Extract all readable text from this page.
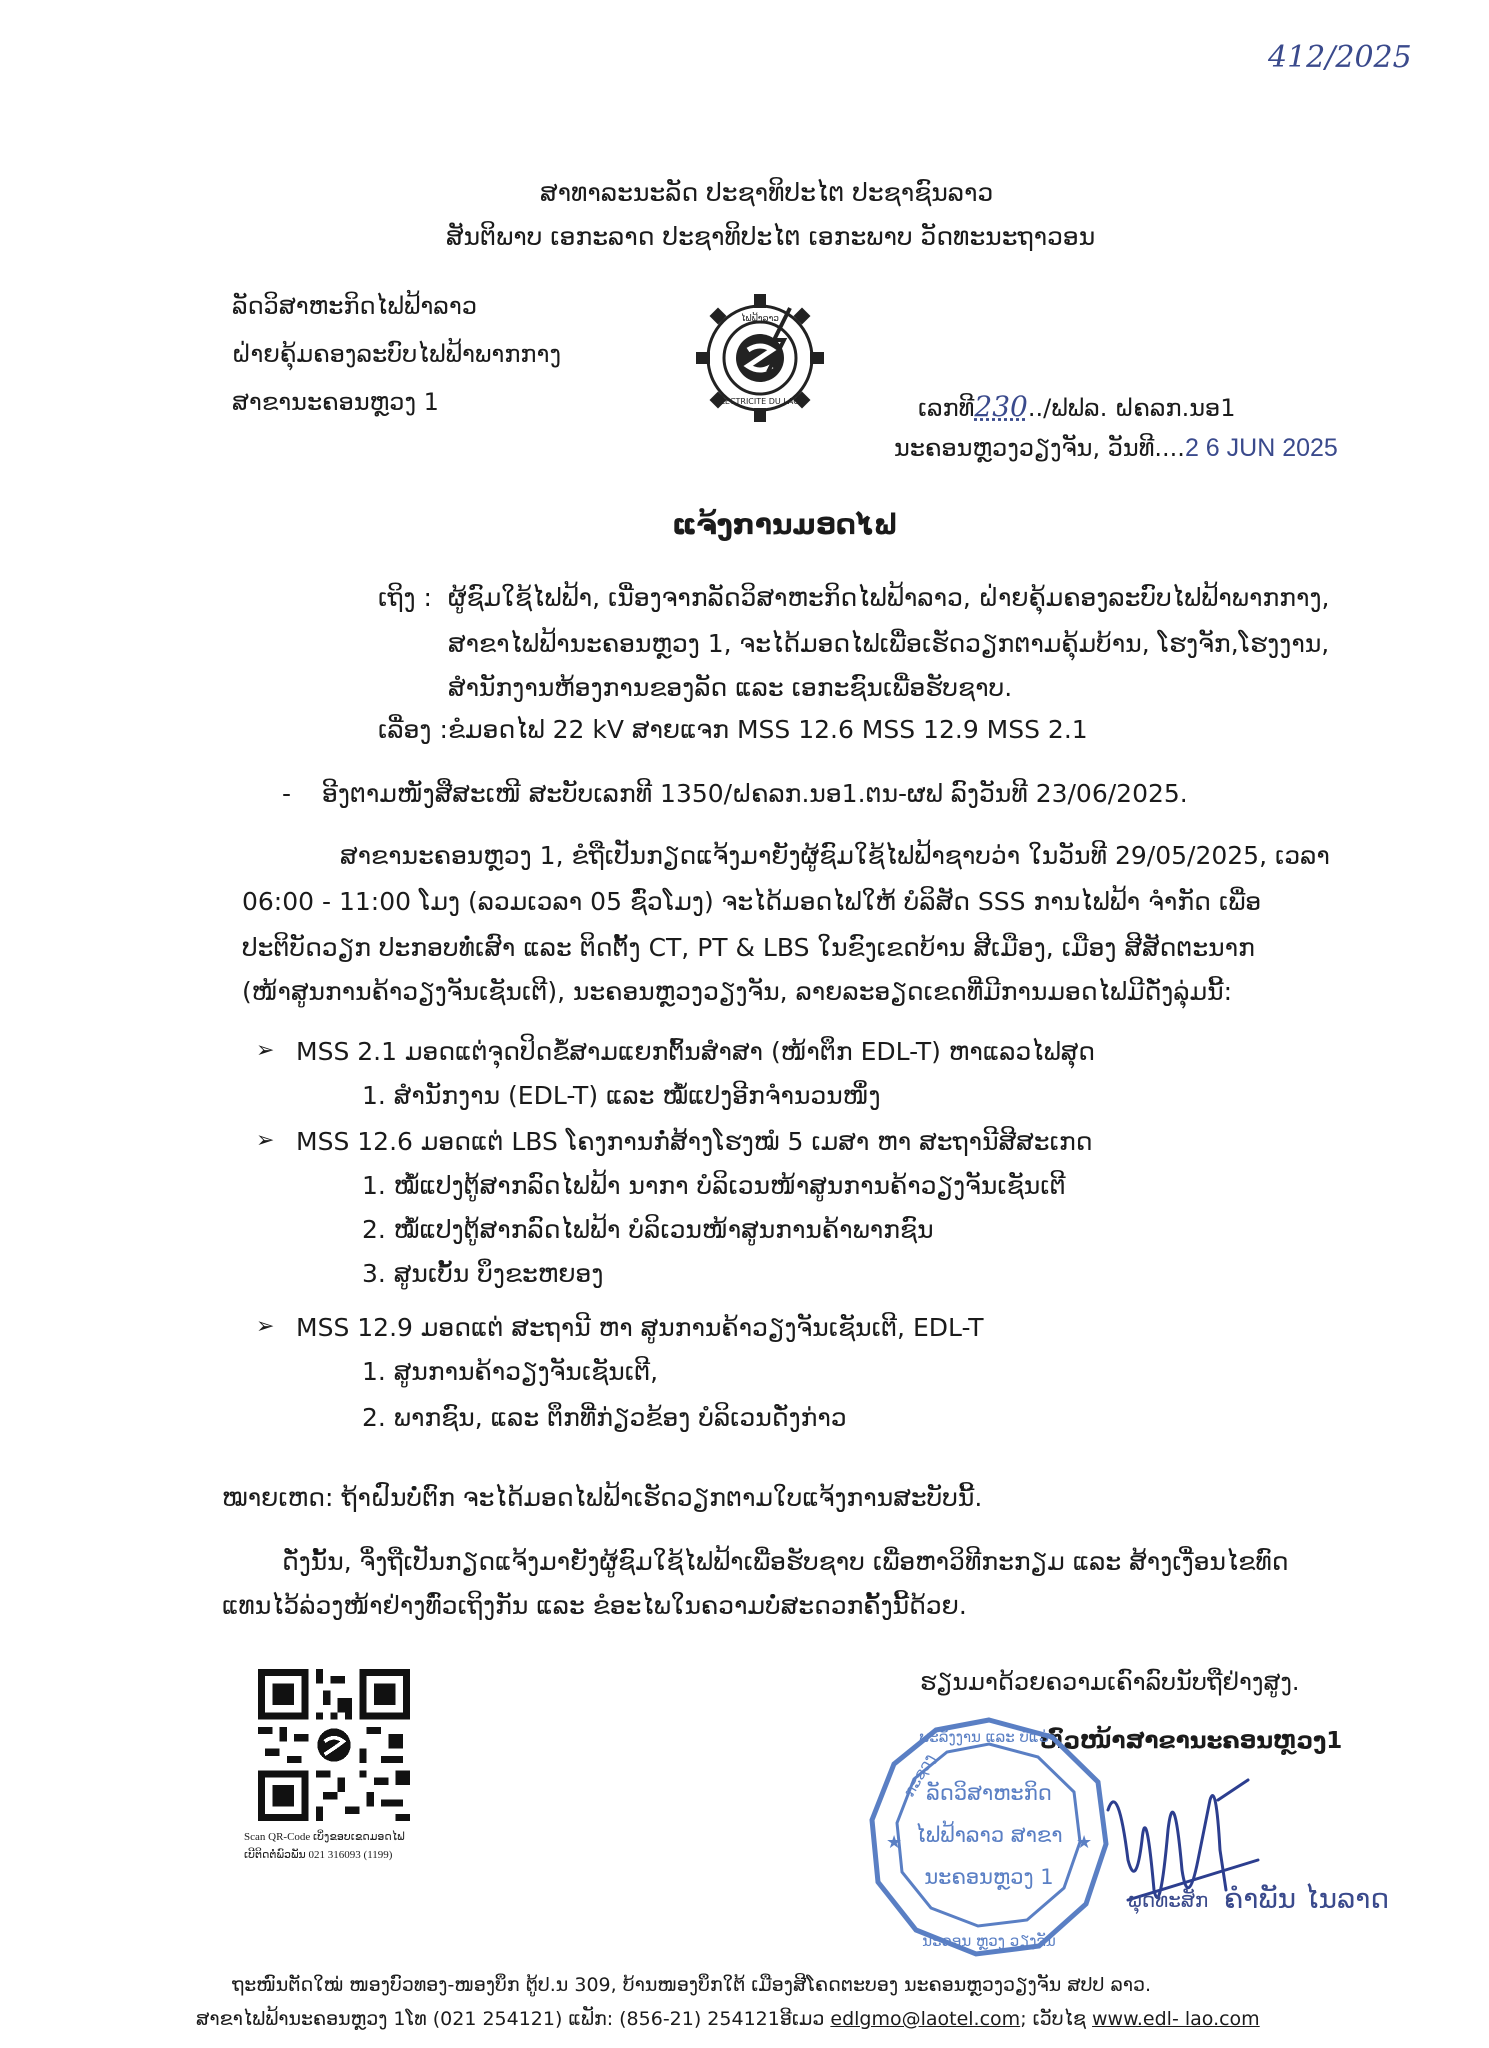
412/2025
ສາທາລະນະລັດ ປະຊາທິປະໄຕ ປະຊາຊົນລາວ
ສັນຕິພາບ ເອກະລາດ ປະຊາທິປະໄຕ ເອກະພາບ ວັດທະນະຖາວອນ
ລັດວິສາຫະກິດໄຟຟ້າລາວ
ຝ່າຍຄຸ້ມຄອງລະບົບໄຟຟ້າພາກກາງ
ສາຂານະຄອນຫຼວງ 1
ໄຟຟ້າລາວ
ELECTRICITE DU LAOS	ເລກທີ230../ຟຟລ. ຝຄລກ.ນອ1
ນະຄອນຫຼວງວຽງຈັນ, ວັນທີ....2 6 JUN 2025
ແຈ້ງການມອດໄຟ
ເຖິງ : ຜູ້ຊົມໃຊ້ໄຟຟ້າ, ເນື່ອງຈາກລັດວິສາຫະກິດໄຟຟ້າລາວ, ຝ່າຍຄຸ້ມຄອງລະບົບໄຟຟ້າພາກກາງ,
ສາຂາໄຟຟ້ານະຄອນຫຼວງ 1, ຈະໄດ້ມອດໄຟເພື່ອເຮັດວຽກຕາມຄຸ້ມບ້ານ, ໂຮງຈັກ,ໂຮງງານ,
ສຳນັກງານຫ້ອງການຂອງລັດ ແລະ ເອກະຊົນເພື່ອຮັບຊາບ.
ເລື່ອງ : ຂໍມອດໄຟ 22 kV ສາຍແຈກ MSS 12.6 MSS 12.9 MSS 2.1
- ອີງຕາມໜັງສືສະເໜີ ສະບັບເລກທີ 1350/ຝຄລກ.ນອ1.ຕນ-ຜຟ ລົງວັນທີ 23/06/2025.
ສາຂານະຄອນຫຼວງ 1, ຂໍຖືເປັນກຽດແຈ້ງມາຍັງຜູ້ຊົມໃຊ້ໄຟຟ້າຊາບວ່າ ໃນວັນທີ 29/05/2025, ເວລາ
06:00 - 11:00 ໂມງ (ລວມເວລາ 05 ຊົ່ວໂມງ) ຈະໄດ້ມອດໄຟໃຫ້ ບໍລິສັດ SSS ການໄຟຟ້າ ຈຳກັດ ເພື່ອ
ປະຕິບັດວຽກ ປະກອບທໍ່ເສົາ ແລະ ຕິດຕັ້ງ CT, PT & LBS ໃນຂົງເຂດບ້ານ ສີເມືອງ, ເມືອງ ສີສັດຕະນາກ
(ໜ້າສູນການຄ້າວຽງຈັນເຊັນເຕີ), ນະຄອນຫຼວງວຽງຈັນ, ລາຍລະອຽດເຂດທີ່ມີການມອດໄຟມີດັ່ງລຸ່ມນີ້:
➢ MSS 2.1 ມອດແຕ່ຈຸດປິດຂໍ້ສາມແຍກຕົ້ນສຳສາ (ໜ້າຕຶກ EDL-T) ຫາແລວໄຟສຸດ
1. ສຳນັກງານ (EDL-T) ແລະ ໝໍ້ແປງອີກຈຳນວນໜຶ່ງ
➢ MSS 12.6 ມອດແຕ່ LBS ໂຄງການກໍ່ສ້າງໂຮງໝໍ 5 ເມສາ ຫາ ສະຖານີສີສະເກດ
1. ໝໍ້ແປງຕູ້ສາກລົດໄຟຟ້າ ນາກາ ບໍລິເວນໜ້າສູນການຄ້າວຽງຈັນເຊັນເຕີ
2. ໝໍ້ແປງຕູ້ສາກລົດໄຟຟ້າ ບໍລິເວນໜ້າສູນການຄ້າພາກຊົນ
3. ສູນເບັ້ນ ບຶງຂະຫຍອງ
➢ MSS 12.9 ມອດແຕ່ ສະຖານີ ຫາ ສູນການຄ້າວຽງຈັນເຊັນເຕີ, EDL-T
1. ສູນການຄ້າວຽງຈັນເຊັນເຕີ,
2. ພາກຊົນ, ແລະ ຕຶກທີ່ກ່ຽວຂ້ອງ ບໍລິເວນດັ່ງກ່າວ
ໝາຍເຫດ: ຖ້າຝົນບໍ່ຕົກ ຈະໄດ້ມອດໄຟຟ້າເຮັດວຽກຕາມໃບແຈ້ງການສະບັບນີ້.
ດັ່ງນັ້ນ, ຈຶ່ງຖືເປັນກຽດແຈ້ງມາຍັງຜູ້ຊົມໃຊ້ໄຟຟ້າເພື່ອຮັບຊາບ ເພື່ອຫາວິທີກະກຽມ ແລະ ສ້າງເງື່ອນໄຂທົດ
ແທນໄວ້ລ່ວງໜ້າຢ່າງທົ່ວເຖິງກັນ ແລະ ຂໍອະໄພໃນຄວາມບໍ່ສະດວກຄັ້ງນີ້ດ້ວຍ.
ຮຽນມາດ້ວຍຄວາມເຄົາລົບນັບຖືຢ່າງສູງ.
ຫົວໜ້າສາຂານະຄອນຫຼວງ1
Scan QR-Code ເບິ່ງຂອບເຂດມອດໄຟ
ເບີຕິດຕໍ່ພົວພັນ 021 316093 (1199)
ພະລັງງານ ແລະ ບໍ່ແຮ່
ກະຊວງ
ນະຄອນ ຫຼວງ ວຽງຈັນ
ລັດວິສາຫະກິດ
ໄຟຟ້າລາວ ສາຂາ
ນະຄອນຫຼວງ 1
★	★
ພຸດທະສັກ ຄຳພັນ ໄນລາດ
ຖະໜົນຕັດໃໝ່ ໜອງບົວທອງ-ໜອງບຶກ ຕູ້ປ.ນ 309, ບ້ານໜອງບຶກໃຕ້ ເມືອງສີໂຄດຕະບອງ ນະຄອນຫຼວງວຽງຈັນ ສປປ ລາວ.
ສາຂາໄຟຟ້ານະຄອນຫຼວງ 1ໂທ (021 254121) ແຟັກ: (856-21) 254121ອີເມວ edlgmo@laotel.com; ເວັບໄຊ www.edl- lao.com
